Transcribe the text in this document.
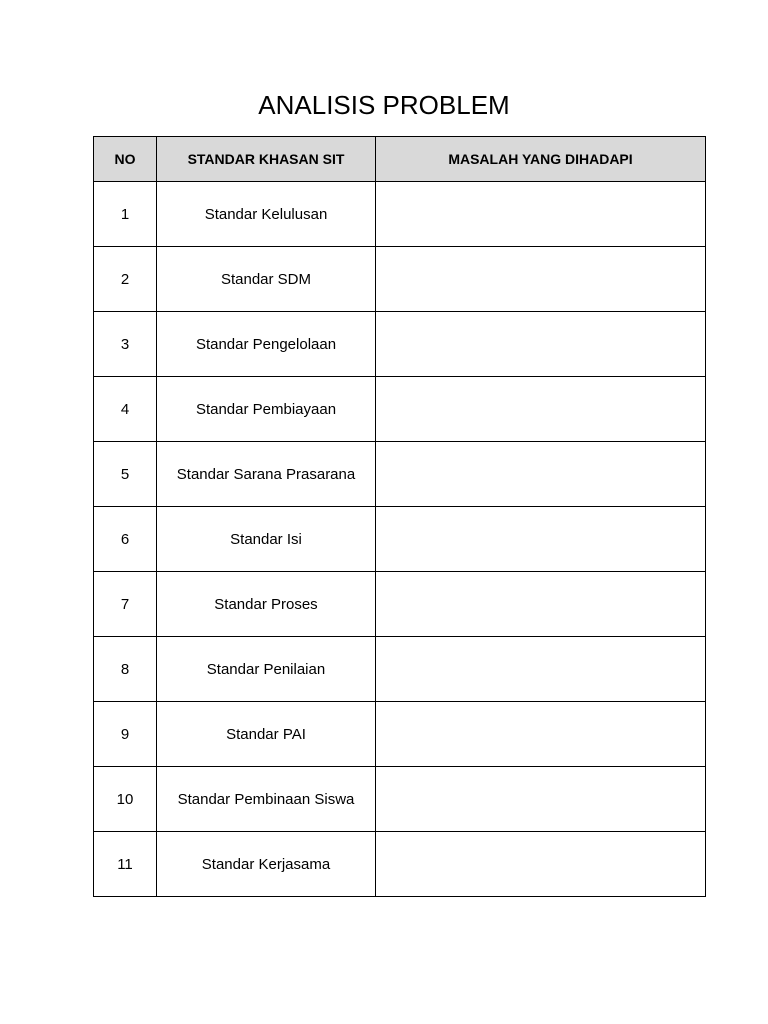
ANALISIS PROBLEM
NO	STANDAR KHASAN SIT	MASALAH YANG DIHADAPI
1	Standar Kelulusan	
2	Standar SDM	
3	Standar Pengelolaan	
4	Standar Pembiayaan	
5	Standar Sarana Prasarana	
6	Standar Isi	
7	Standar Proses	
8	Standar Penilaian	
9	Standar PAI	
10	Standar Pembinaan Siswa	
11	Standar Kerjasama	
